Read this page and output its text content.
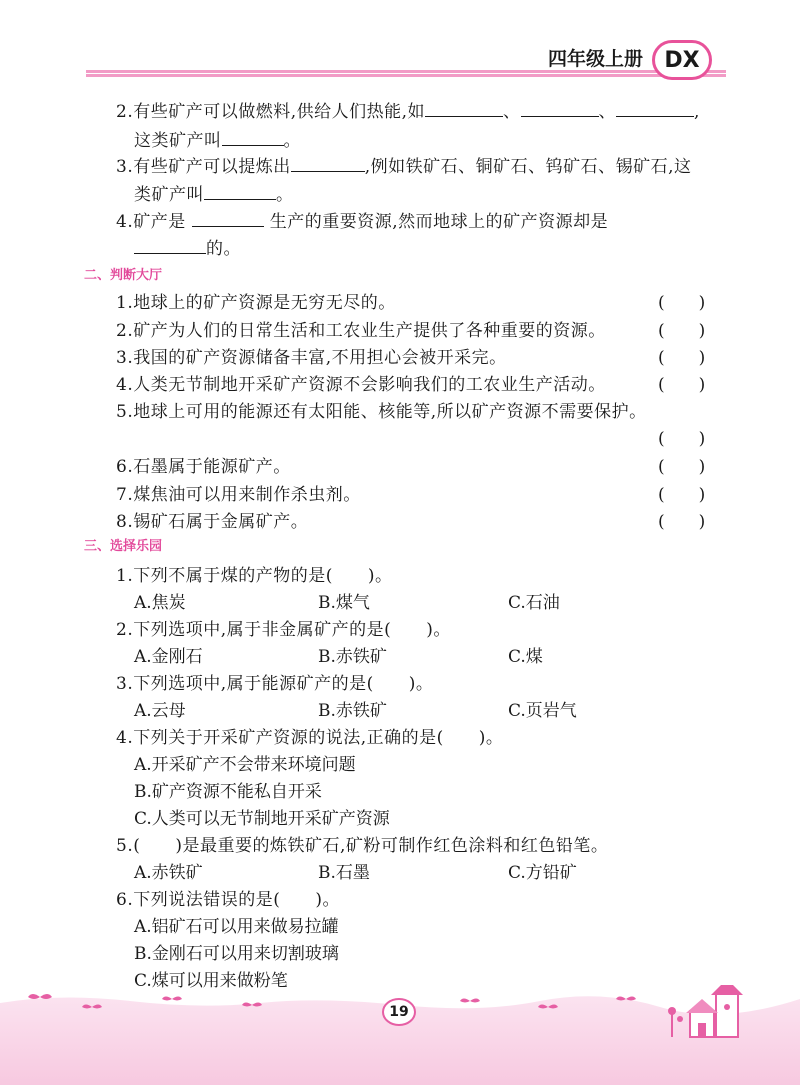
四年级上册 DX
2.有些矿产可以做燃料,供给人们热能,如	、	、	,
这类矿产叫	。
3.有些矿产可以提炼出	,例如铁矿石、铜矿石、钨矿石、锡矿石,这
类矿产叫	。
4.矿产是	生产的重要资源,然而地球上的矿产资源却是
的。
二、判断大厅
1.地球上的矿产资源是无穷无尽的。	(　　)
2.矿产为人们的日常生活和工农业生产提供了各种重要的资源。	(　　)
3.我国的矿产资源储备丰富,不用担心会被开采完。	(　　)
4.人类无节制地开采矿产资源不会影响我们的工农业生产活动。	(　　)
5.地球上可用的能源还有太阳能、核能等,所以矿产资源不需要保护。
(　　)
6.石墨属于能源矿产。	(　　)
7.煤焦油可以用来制作杀虫剂。	(　　)
8.锡矿石属于金属矿产。	(　　)
三、选择乐园
1.下列不属于煤的产物的是(　　)。
A.焦炭	B.煤气	C.石油
2.下列选项中,属于非金属矿产的是(　　)。
A.金刚石	B.赤铁矿	C.煤
3.下列选项中,属于能源矿产的是(　　)。
A.云母	B.赤铁矿	C.页岩气
4.下列关于开采矿产资源的说法,正确的是(　　)。
A.开采矿产不会带来环境问题
B.矿产资源不能私自开采
C.人类可以无节制地开采矿产资源
5.(　　)是最重要的炼铁矿石,矿粉可制作红色涂料和红色铅笔。
A.赤铁矿	B.石墨	C.方铅矿
6.下列说法错误的是(　　)。
A.铝矿石可以用来做易拉罐
B.金刚石可以用来切割玻璃
C.煤可以用来做粉笔
19
